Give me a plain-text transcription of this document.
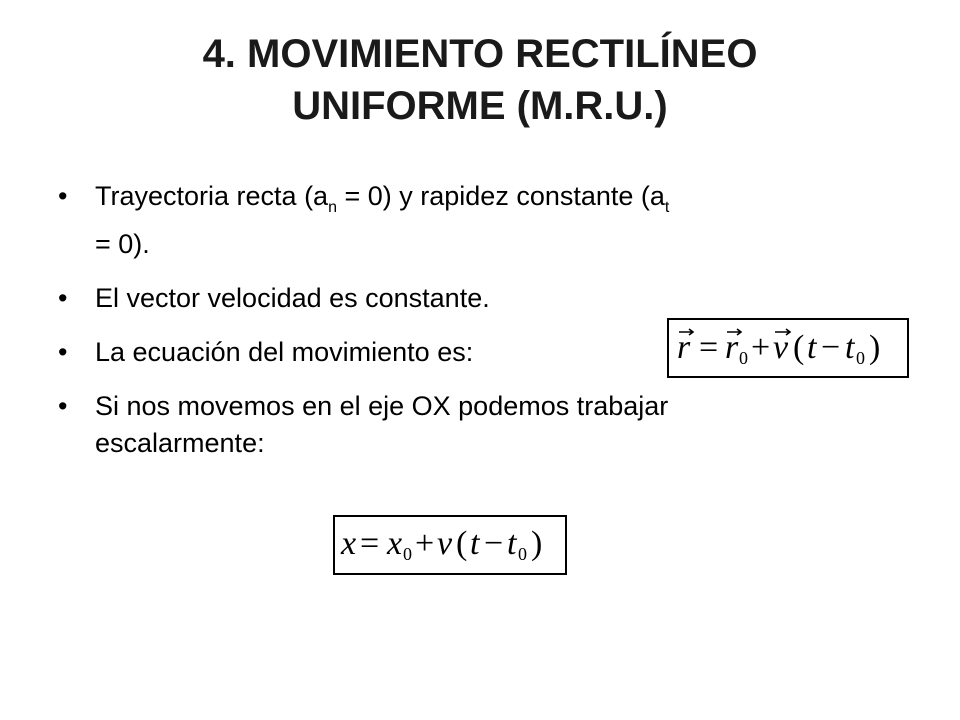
4. MOVIMIENTO RECTILÍNEO
UNIFORME (M.R.U.)
• Trayectoria recta $(a_n = 0)$ y rapidez constante ($a_t$
= 0).
• El vector velocidad es constante.
• La ecuación del movimiento es:
• Si nos movemos en el eje OX podemos trabajar
escalarmente:
r = r 0 + v ( t − t 0 )
x = x 0 + v ( t − t 0 )
